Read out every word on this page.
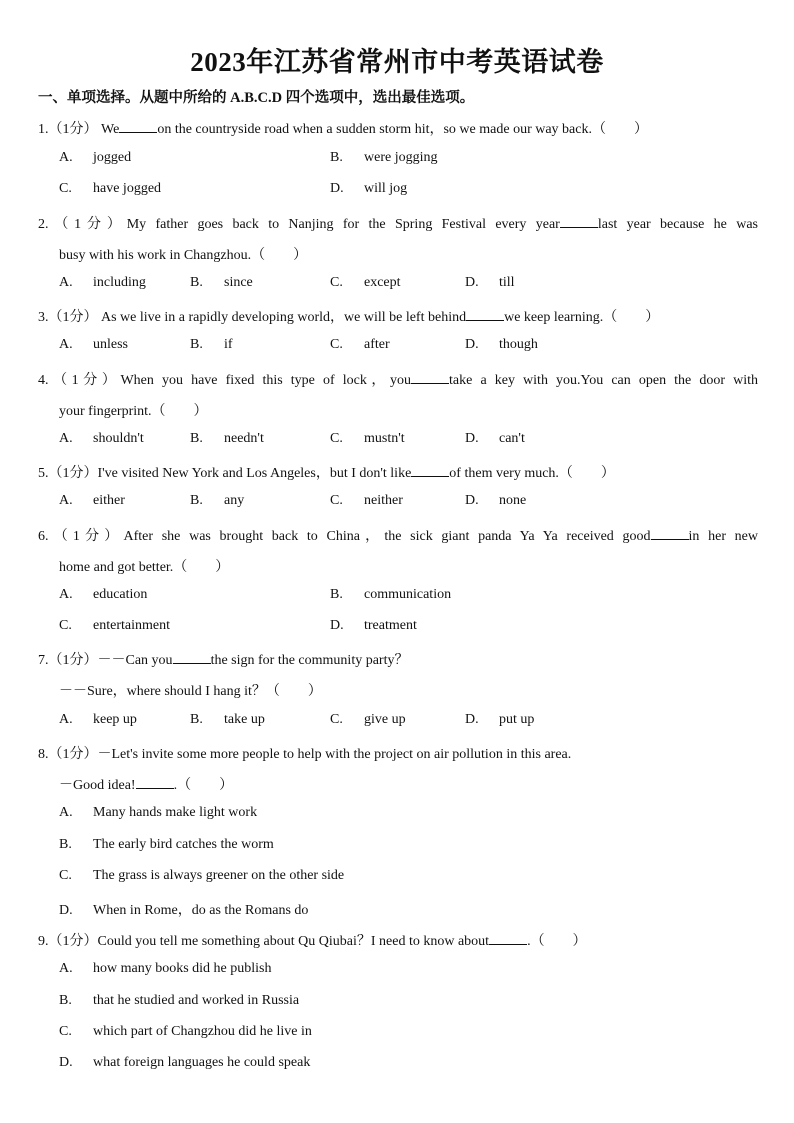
2023年江苏省常州市中考英语试卷
一、单项选择。从题中所给的 A.B.C.D 四个选项中，选出最佳选项。
1.（1分） We	on the countryside road when a sudden storm hit，so we made our way back.（　　）
A. jogged	B. were jogging
C. have jogged	D. will jog
2.（1分）My father goes back to Nanjing for the Spring Festival every year	last year because he was
busy with his work in Changzhou.（　　）
A. including	B. since	C. except	D. till
3.（1分） As we live in a rapidly developing world，we will be left behind	we keep learning.（　　）
A. unless	B. if	C. after	D. though
4.（1分）When you have fixed this type of lock，you	take a key with you.You can open the door with
your fingerprint.（　　）
A. shouldn't	B. needn't	C. mustn't	D. can't
5.（1分）I've visited New York and Los Angeles，but I don't like	of them very much.（　　）
A. either	B. any	C. neither	D. none
6.（1分）After she was brought back to China，the sick giant panda Ya Ya received good	in her new
home and got better.（　　）
A. education	B. communication
C. entertainment	D. treatment
7.（1分）－－Can you	the sign for the community party？
－－Sure，where should I hang it？（　　）
A. keep up	B. take up	C. give up	D. put up
8.（1分）－Let's invite some more people to help with the project on air pollution in this area.
－Good idea!	.（　　）
A. Many hands make light work
B. The early bird catches the worm
C. The grass is always greener on the other side
D. When in Rome，do as the Romans do
9.（1分）Could you tell me something about Qu Qiubai？I need to know about	.（　　）
A. how many books did he publish
B. that he studied and worked in Russia
C. which part of Changzhou did he live in
D. what foreign languages he could speak
